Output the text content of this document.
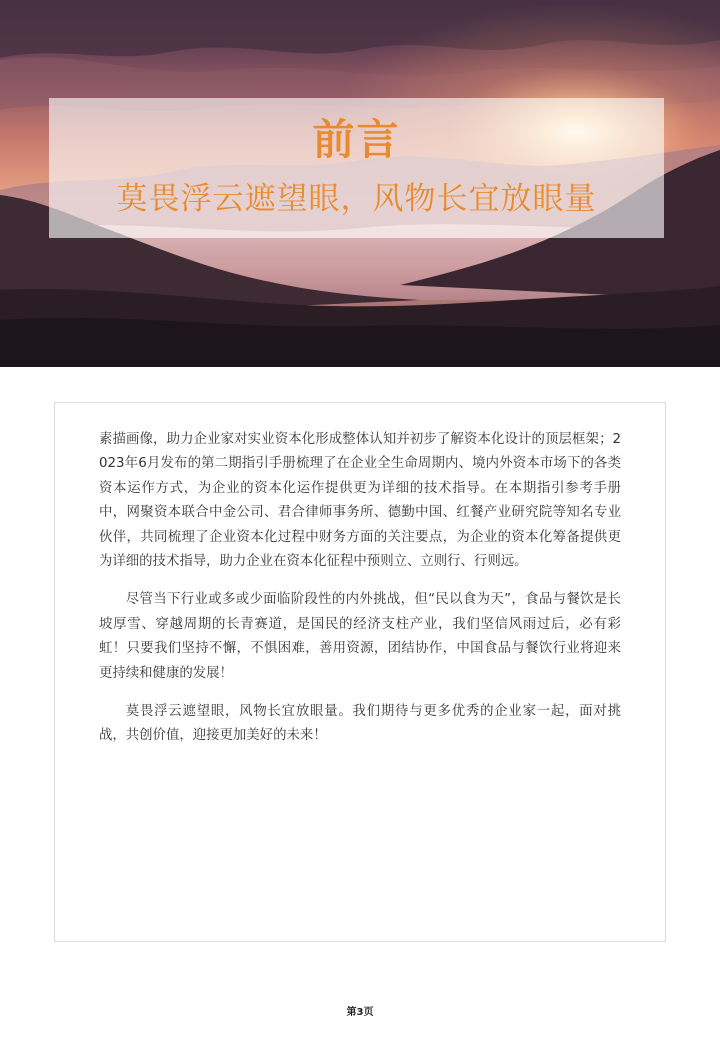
前言
莫畏浮云遮望眼，风物长宜放眼量

素描画像，助力企业家对实业资本化形成整体认知并初步了解资本化设计的顶层框架；2023年6月发布的第二期指引手册梳理了在企业全生命周期内、境内外资本市场下的各类资本运作方式，为企业的资本化运作提供更为详细的技术指导。在本期指引参考手册中，网聚资本联合中金公司、君合律师事务所、德勤中国、红餐产业研究院等知名专业伙伴，共同梳理了企业资本化过程中财务方面的关注要点，为企业的资本化筹备提供更为详细的技术指导，助力企业在资本化征程中预则立、立则行、行则远。

尽管当下行业或多或少面临阶段性的内外挑战，但“民以食为天”，食品与餐饮是长坡厚雪、穿越周期的长青赛道，是国民的经济支柱产业，我们坚信风雨过后，必有彩虹！只要我们坚持不懈，不惧困难，善用资源，团结协作，中国食品与餐饮行业将迎来更持续和健康的发展！

莫畏浮云遮望眼，风物长宜放眼量。我们期待与更多优秀的企业家一起，面对挑战，共创价值，迎接更加美好的未来！

第3页
